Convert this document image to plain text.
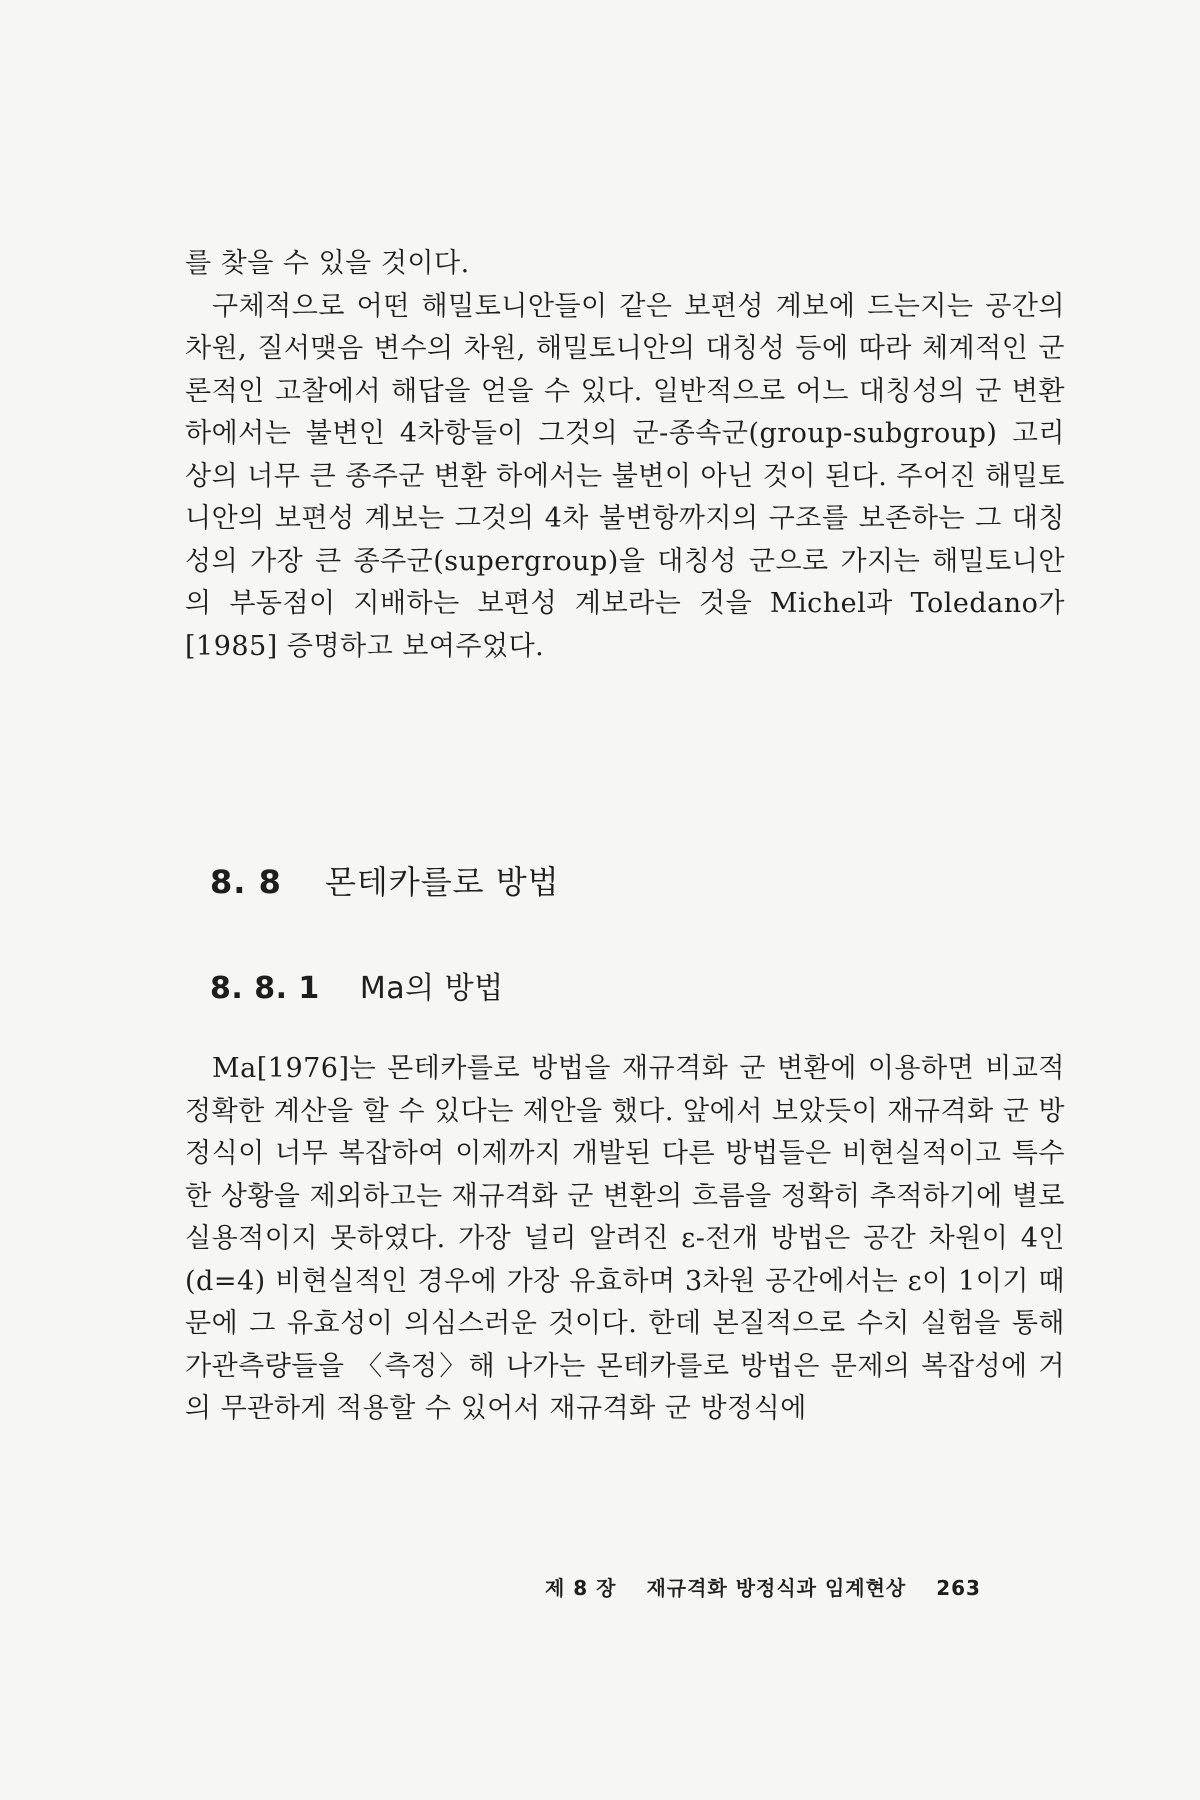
를 찾을 수 있을 것이다.

구체적으로 어떤 해밀토니안들이 같은 보편성 계보에 드는지는 공간의 차원, 질서맺음 변수의 차원, 해밀토니안의 대칭성 등에 따라 체계적인 군론적인 고찰에서 해답을 얻을 수 있다. 일반적으로 어느 대칭성의 군 변환 하에서는 불변인 4차항들이 그것의 군-종속군(group-subgroup) 고리 상의 너무 큰 종주군 변환 하에서는 불변이 아닌 것이 된다. 주어진 해밀토니안의 보편성 계보는 그것의 4차 불변항까지의 구조를 보존하는 그 대칭성의 가장 큰 종주군(supergroup)을 대칭성 군으로 가지는 해밀토니안의 부동점이 지배하는 보편성 계보라는 것을 Michel과 Toledano가 [1985] 증명하고 보여주었다.

8. 8 몬테카를로 방법
8. 8. 1 Ma의 방법

Ma[1976]는 몬테카를로 방법을 재규격화 군 변환에 이용하면 비교적 정확한 계산을 할 수 있다는 제안을 했다. 앞에서 보았듯이 재규격화 군 방정식이 너무 복잡하여 이제까지 개발된 다른 방법들은 비현실적이고 특수한 상황을 제외하고는 재규격화 군 변환의 흐름을 정확히 추적하기에 별로 실용적이지 못하였다. 가장 널리 알려진 ε-전개 방법은 공간 차원이 4인(d=4) 비현실적인 경우에 가장 유효하며 3차원 공간에서는 ε이 1이기 때문에 그 유효성이 의심스러운 것이다. 한데 본질적으로 수치 실험을 통해 가관측량들을 〈측정〉해 나가는 몬테카를로 방법은 문제의 복잡성에 거의 무관하게 적용할 수 있어서 재규격화 군 방정식에

제 8 장 재규격화 방정식과 임계현상 263
